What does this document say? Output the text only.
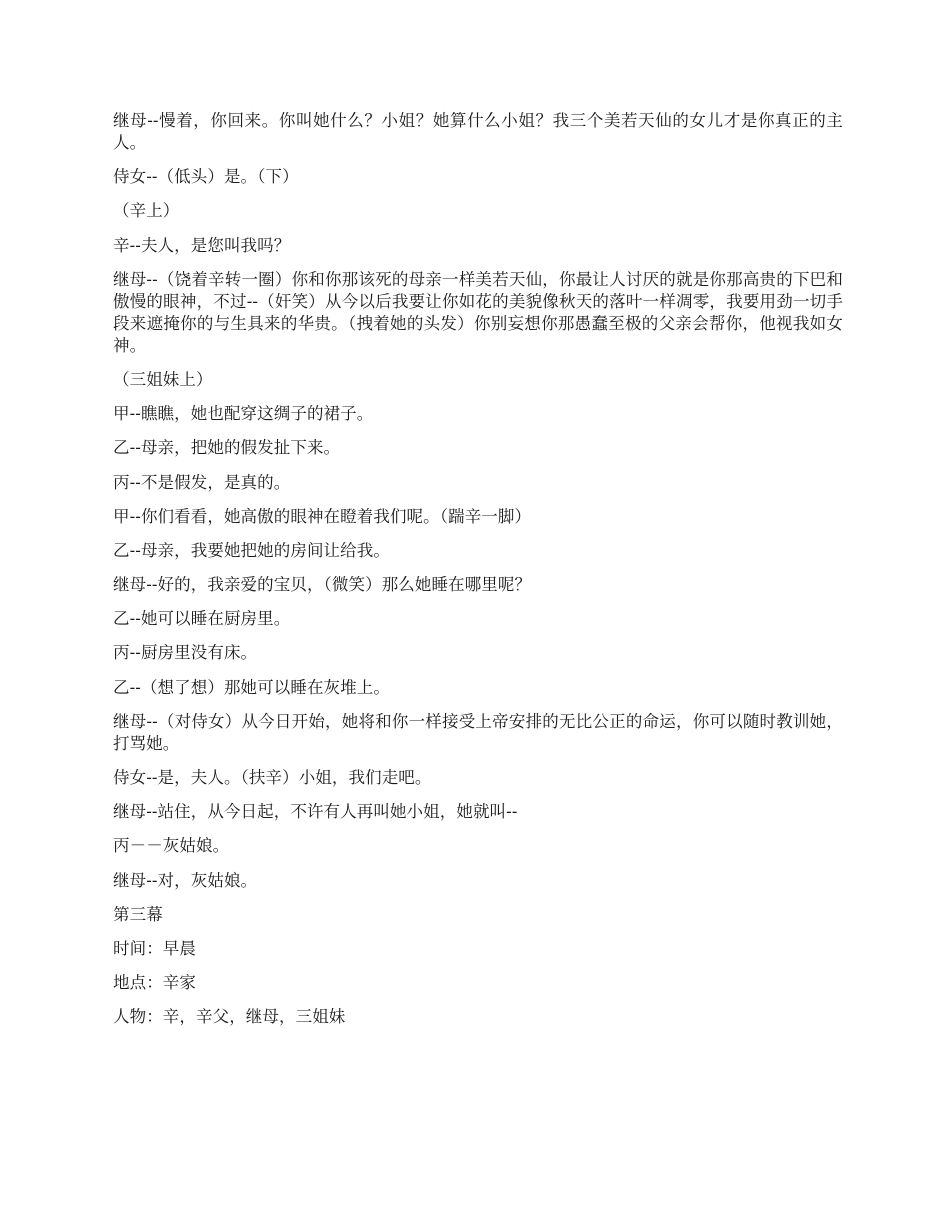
继母--慢着，你回来。你叫她什么？小姐？她算什么小姐？我三个美若天仙的女儿才是你真正的主人。

侍女--（低头）是。（下）

（辛上）

辛--夫人，是您叫我吗？

继母--（饶着辛转一圈）你和你那该死的母亲一样美若天仙，你最让人讨厌的就是你那高贵的下巴和傲慢的眼神，不过--（奸笑）从今以后我要让你如花的美貌像秋天的落叶一样凋零，我要用劲一切手段来遮掩你的与生具来的华贵。（拽着她的头发）你别妄想你那愚蠢至极的父亲会帮你，他视我如女神。

（三姐妹上）

甲--瞧瞧，她也配穿这绸子的裙子。

乙--母亲，把她的假发扯下来。

丙--不是假发，是真的。

甲--你们看看，她高傲的眼神在瞪着我们呢。（踹辛一脚）

乙--母亲，我要她把她的房间让给我。

继母--好的，我亲爱的宝贝，（微笑）那么她睡在哪里呢？

乙--她可以睡在厨房里。

丙--厨房里没有床。

乙--（想了想）那她可以睡在灰堆上。

继母--（对侍女）从今日开始，她将和你一样接受上帝安排的无比公正的命运，你可以随时教训她，打骂她。

侍女--是，夫人。（扶辛）小姐，我们走吧。

继母--站住，从今日起，不许有人再叫她小姐，她就叫--

丙－－灰姑娘。

继母--对，灰姑娘。

第三幕

时间：早晨

地点：辛家

人物：辛，辛父，继母，三姐妹
